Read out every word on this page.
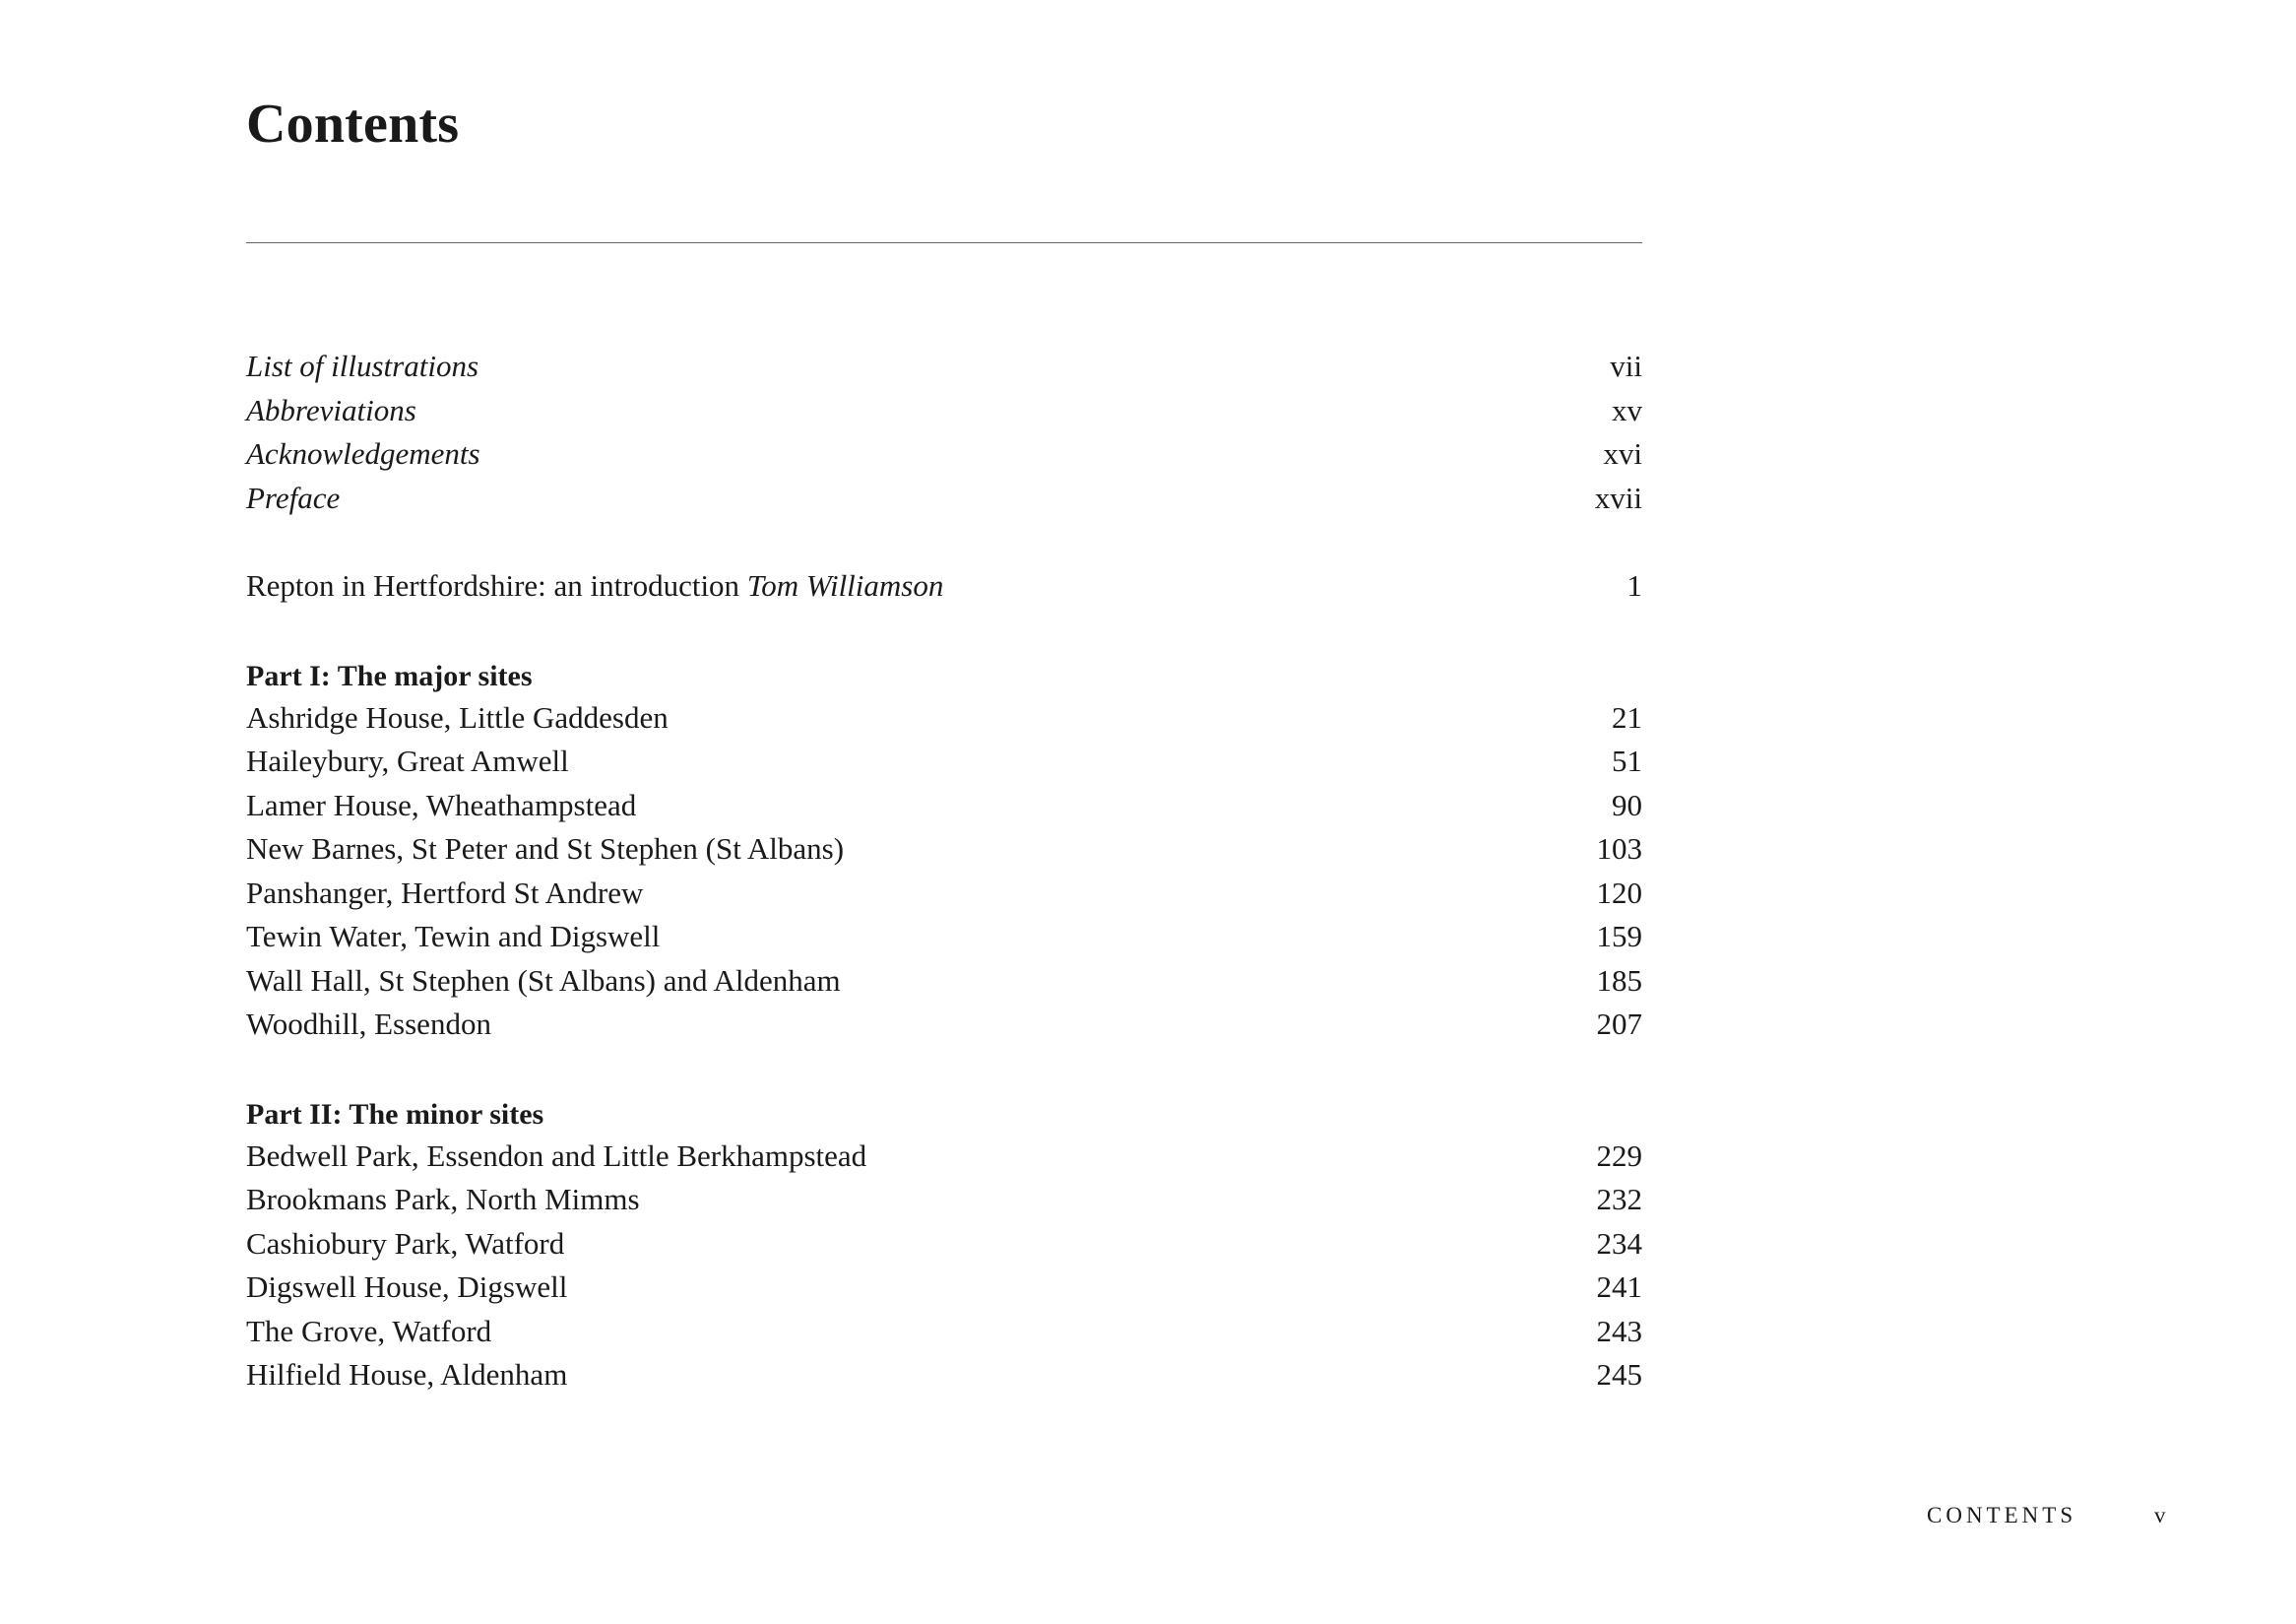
Contents
List of illustrations	vii
Abbreviations	xv
Acknowledgements	xvi
Preface	xvii
Repton in Hertfordshire: an introduction Tom Williamson	1
Part I: The major sites
Ashridge House, Little Gaddesden	21
Haileybury, Great Amwell	51
Lamer House, Wheathampstead	90
New Barnes, St Peter and St Stephen (St Albans)	103
Panshanger, Hertford St Andrew	120
Tewin Water, Tewin and Digswell	159
Wall Hall, St Stephen (St Albans) and Aldenham	185
Woodhill, Essendon	207
Part II: The minor sites
Bedwell Park, Essendon and Little Berkhampstead	229
Brookmans Park, North Mimms	232
Cashiobury Park, Watford	234
Digswell House, Digswell	241
The Grove, Watford	243
Hilfield House, Aldenham	245
CONTENTS	v
